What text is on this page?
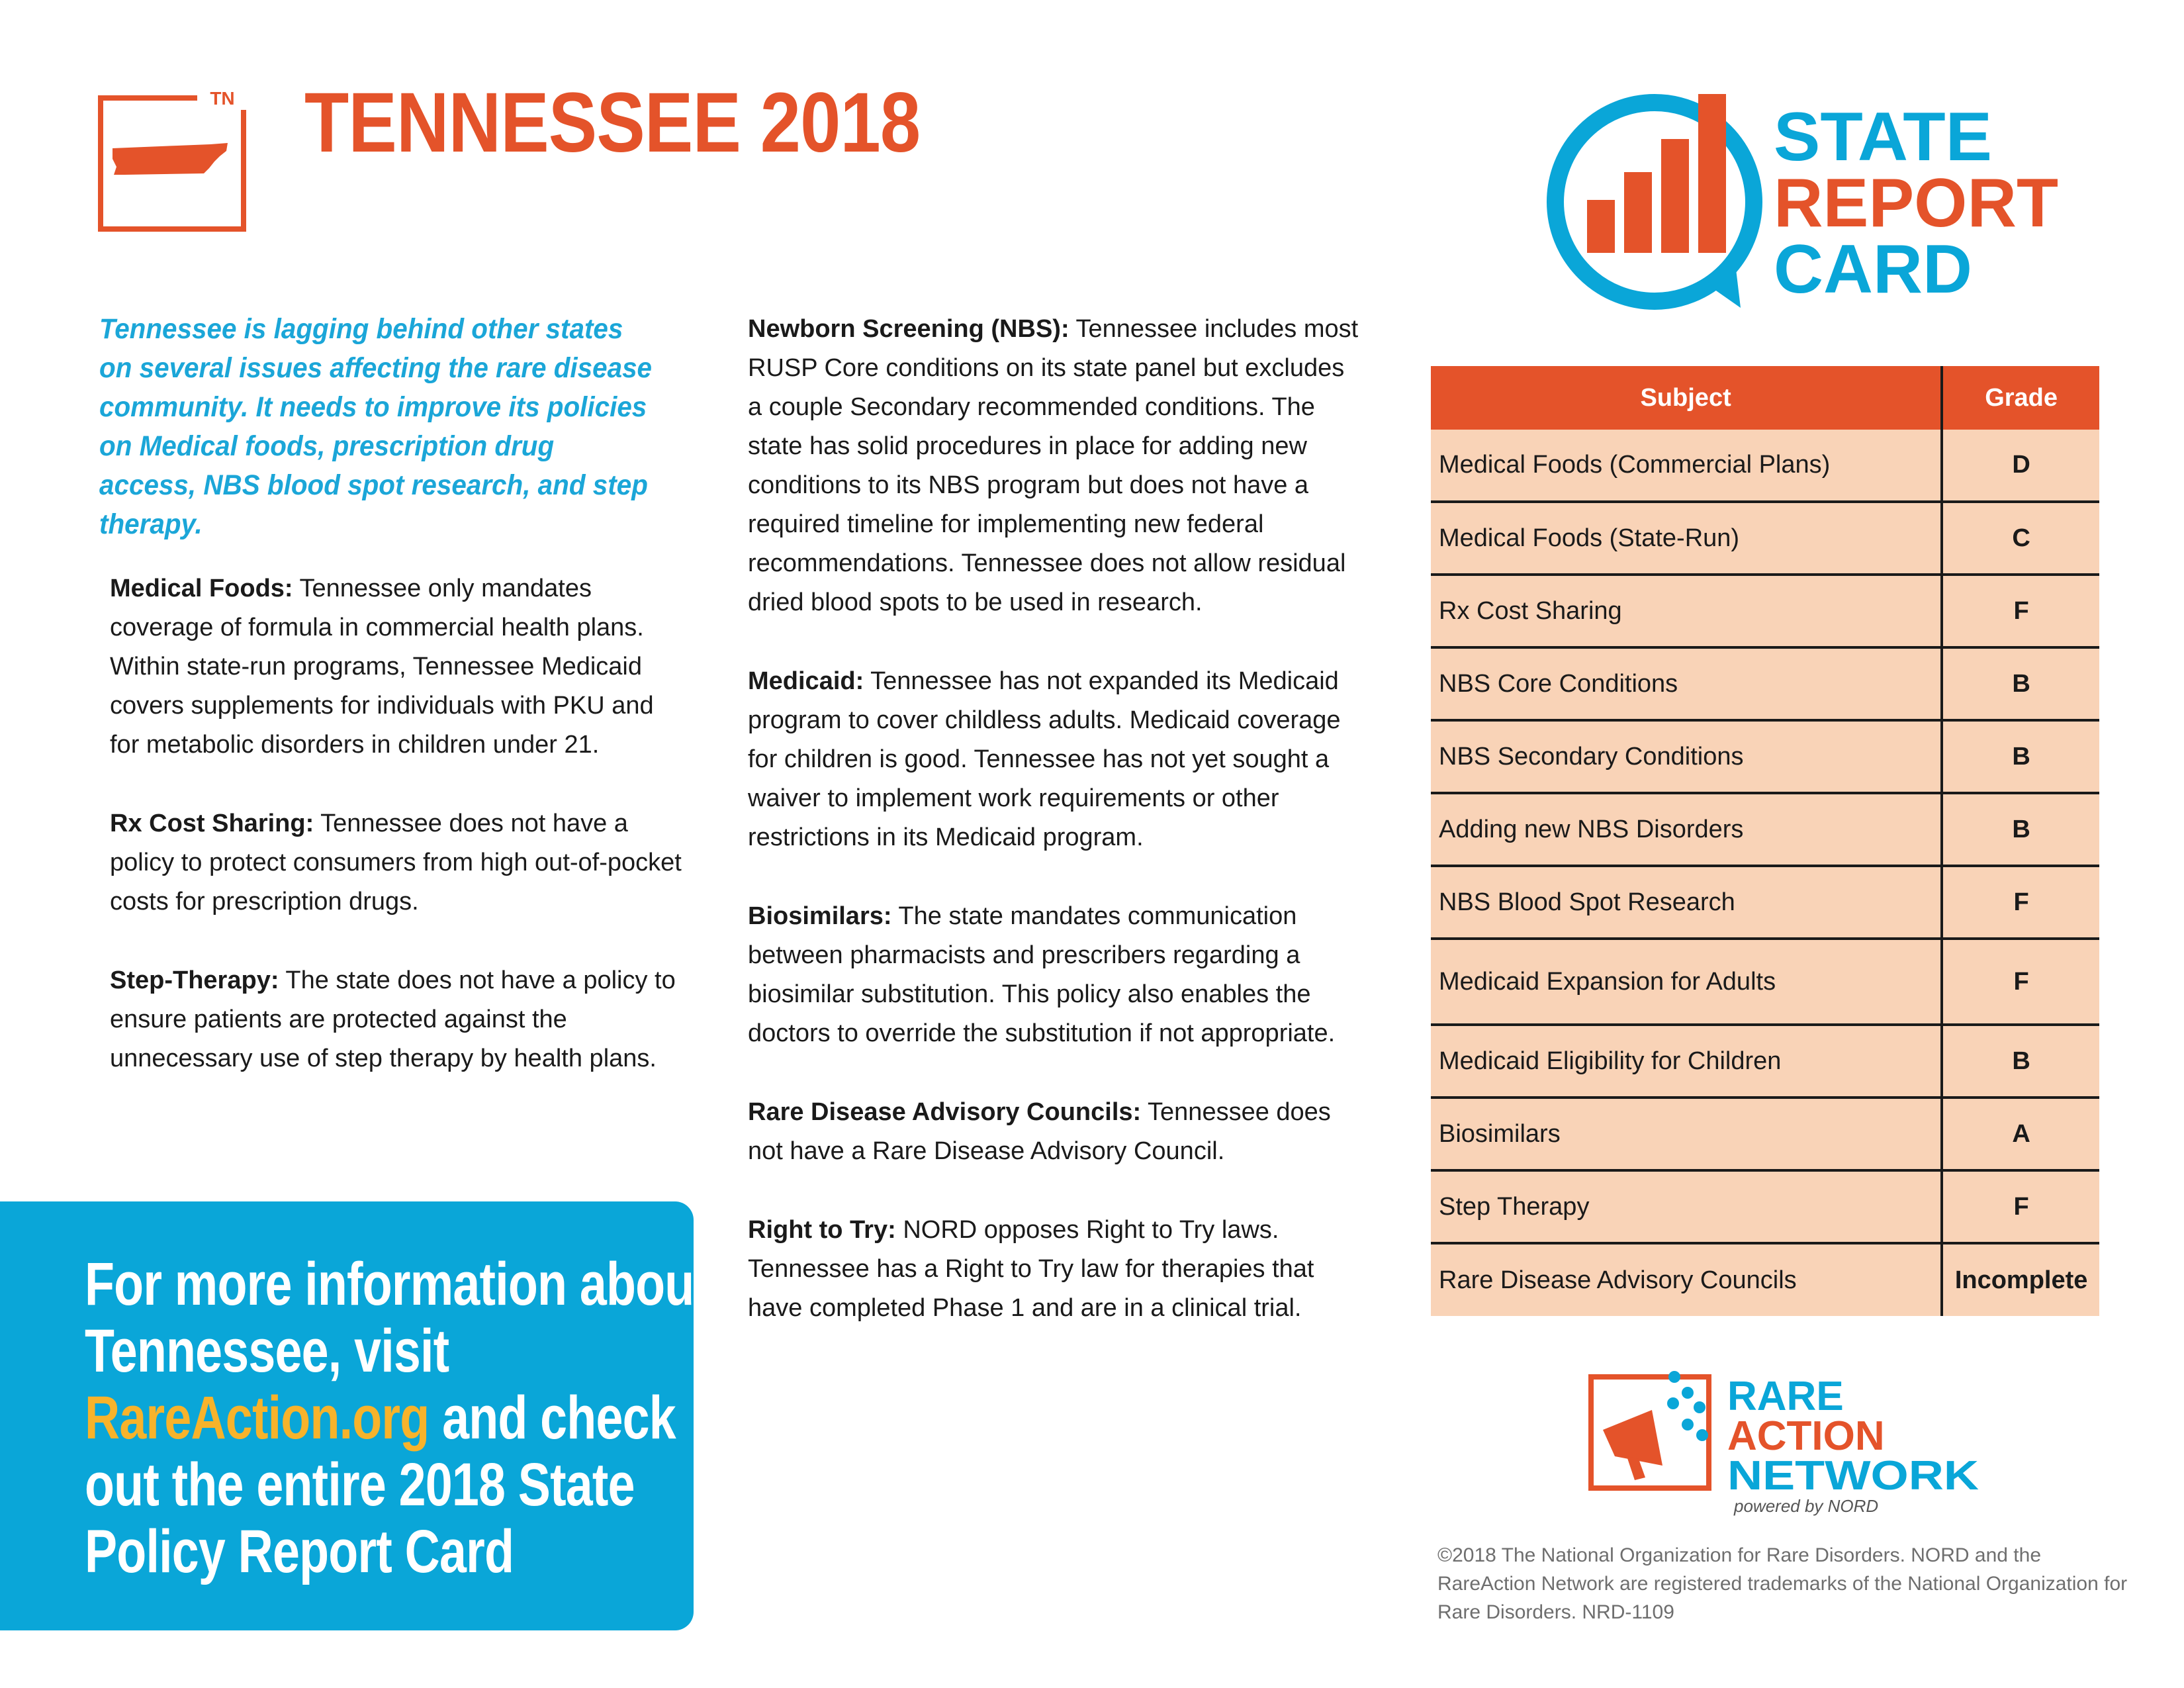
TN TENNESSEE 2018
Tennessee is lagging behind other states on several issues affecting the rare disease community. It needs to improve its policies on Medical foods, prescription drug access, NBS blood spot research, and step therapy.

Medical Foods: Tennessee only mandates coverage of formula in commercial health plans. Within state-run programs, Tennessee Medicaid covers supplements for individuals with PKU and for metabolic disorders in children under 21.

Rx Cost Sharing: Tennessee does not have a policy to protect consumers from high out-of-pocket costs for prescription drugs.

Step-Therapy: The state does not have a policy to ensure patients are protected against the unnecessary use of step therapy by health plans.

Newborn Screening (NBS): Tennessee includes most RUSP Core conditions on its state panel but excludes a couple Secondary recommended conditions. The state has solid procedures in place for adding new conditions to its NBS program but does not have a required timeline for implementing new federal recommendations. Tennessee does not allow residual dried blood spots to be used in research.

Medicaid: Tennessee has not expanded its Medicaid program to cover childless adults. Medicaid coverage for children is good. Tennessee has not yet sought a waiver to implement work requirements or other restrictions in its Medicaid program.

Biosimilars: The state mandates communication between pharmacists and prescribers regarding a biosimilar substitution. This policy also enables the doctors to override the substitution if not appropriate.

Rare Disease Advisory Councils: Tennessee does not have a Rare Disease Advisory Council.

Right to Try: NORD opposes Right to Try laws. Tennessee has a Right to Try law for therapies that have completed Phase 1 and are in a clinical trial.

For more information about Tennessee, visit RareAction.org and check out the entire 2018 State Policy Report Card
STATE
REPORT
CARD
Subject	Grade
Medical Foods (Commercial Plans)	D
Medical Foods (State-Run)	C
Rx Cost Sharing	F
NBS Core Conditions	B
NBS Secondary Conditions	B
Adding new NBS Disorders	B
NBS Blood Spot Research	F
Medicaid Expansion for Adults	F
Medicaid Eligibility for Children	B
Biosimilars	A
Step Therapy	F
Rare Disease Advisory Councils	Incomplete
RARE
ACTION
NETWORK
powered by NORD
©2018 The National Organization for Rare Disorders. NORD and the RareAction Network are registered trademarks of the National Organization for Rare Disorders. NRD-1109
